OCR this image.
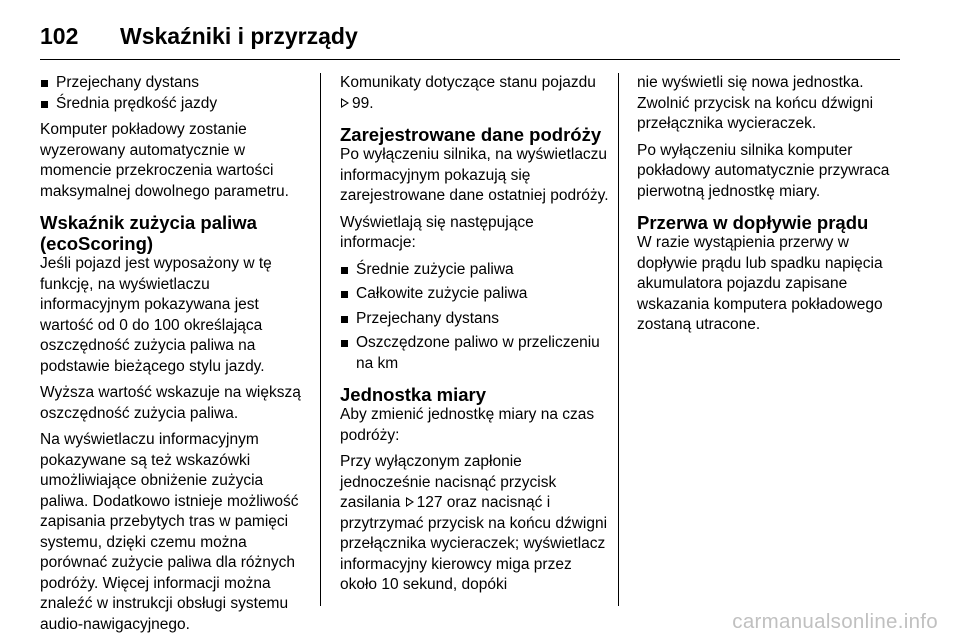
102	Wskaźniki i przyrządy
Przejechany dystans
Średnia prędkość jazdy

Komputer pokładowy zostanie wyzerowany automatycznie w momencie przekroczenia wartości maksymalnej dowolnego parametru.

Wskaźnik zużycia paliwa (ecoScoring)

Jeśli pojazd jest wyposażony w tę funkcję, na wyświetlaczu informacyjnym pokazywana jest wartość od 0 do 100 określająca oszczędność zużycia paliwa na podstawie bieżącego stylu jazdy.

Wyższa wartość wskazuje na większą oszczędność zużycia paliwa.

Na wyświetlaczu informacyjnym pokazywane są też wskazówki umożliwiające obniżenie zużycia paliwa. Dodatkowo istnieje możliwość zapisania przebytych tras w pamięci systemu, dzięki czemu można porównać zużycie paliwa dla różnych podróży. Więcej informacji można znaleźć w instrukcji obsługi systemu audio-nawigacyjnego.

Komunikaty dotyczące stanu pojazdu 99.

Zarejestrowane dane podróży

Po wyłączeniu silnika, na wyświetlaczu informacyjnym pokazują się zarejestrowane dane ostatniej podróży.

Wyświetlają się następujące informacje:

Średnie zużycie paliwa
Całkowite zużycie paliwa
Przejechany dystans
Oszczędzone paliwo w przeliczeniu na km
Jednostka miary

Aby zmienić jednostkę miary na czas podróży:

Przy wyłączonym zapłonie jednocześnie nacisnąć przycisk zasilania 127 oraz nacisnąć i przytrzymać przycisk na końcu dźwigni przełącznika wycieraczek; wyświetlacz informacyjny kierowcy miga przez około 10 sekund, dopóki

nie wyświetli się nowa jednostka. Zwolnić przycisk na końcu dźwigni przełącznika wycieraczek.

Po wyłączeniu silnika komputer pokładowy automatycznie przywraca pierwotną jednostkę miary.

Przerwa w dopływie prądu

W razie wystąpienia przerwy w dopływie prądu lub spadku napięcia akumulatora pojazdu zapisane wskazania komputera pokładowego zostaną utracone.

carmanualsonline.info
